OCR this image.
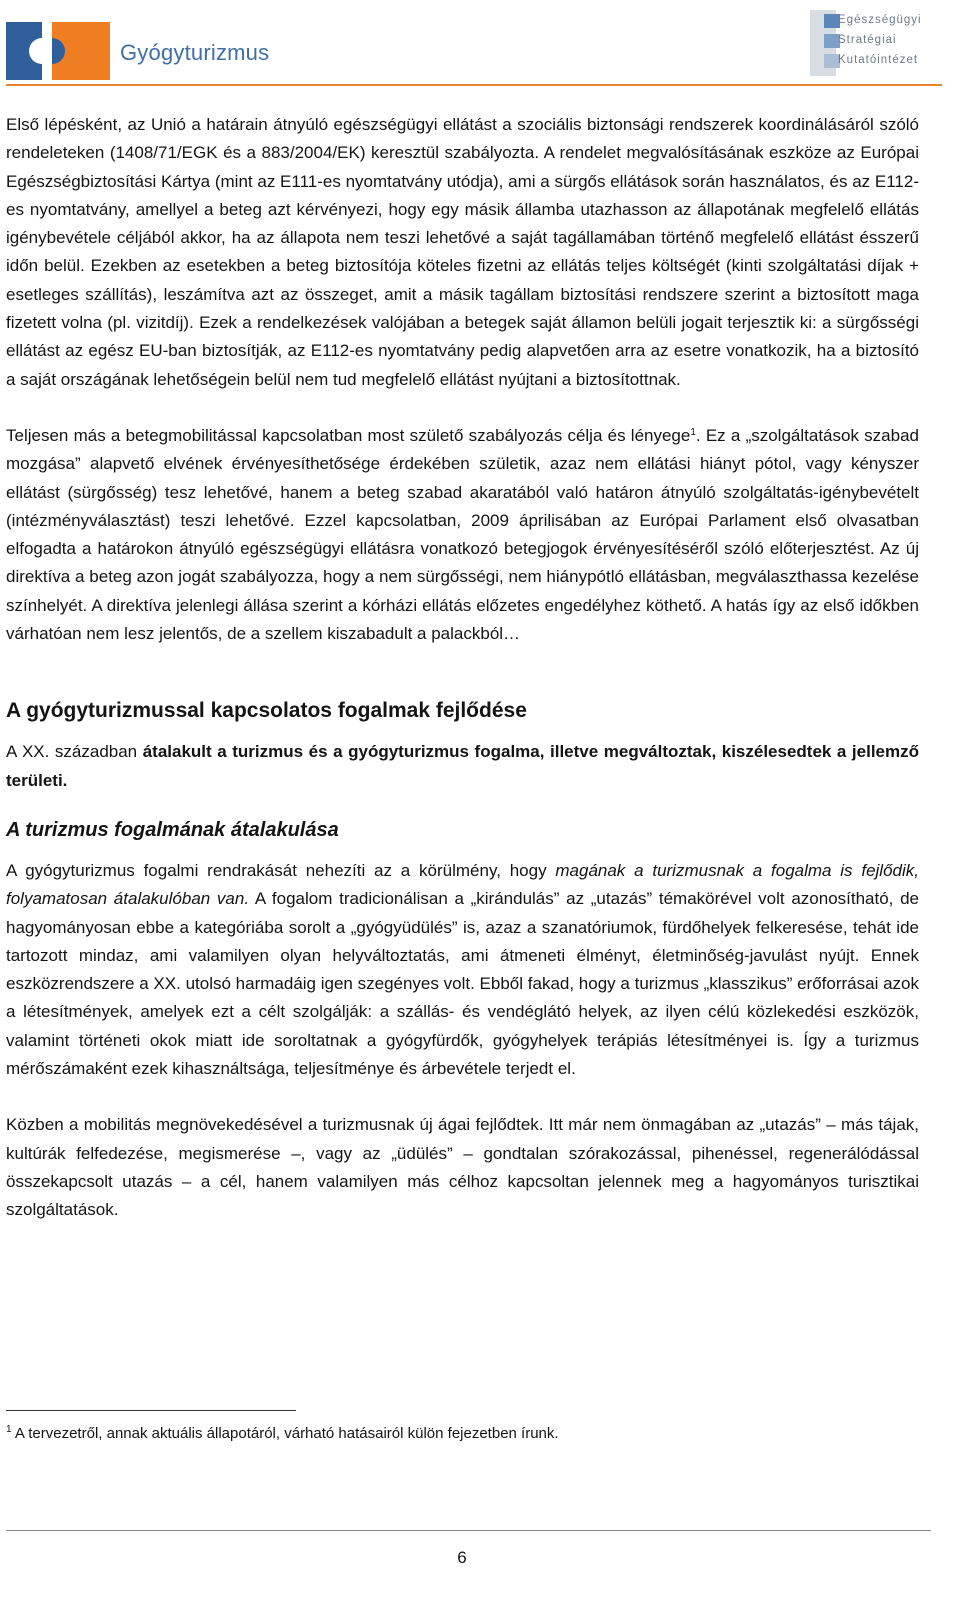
Gyógyturizmus
Egészségügyi
Stratégiai
Kutatóintézet

Első lépésként, az Unió a határain átnyúló egészségügyi ellátást a szociális biztonsági rendszerek koordinálásáról szóló rendeleteken (1408/71/EGK és a 883/2004/EK) keresztül szabályozta. A rendelet megvalósításának eszköze az Európai Egészségbiztosítási Kártya (mint az E111-es nyomtatvány utódja), ami a sürgős ellátások során használatos, és az E112-es nyomtatvány, amellyel a beteg azt kérvényezi, hogy egy másik államba utazhasson az állapotának megfelelő ellátás igénybevétele céljából akkor, ha az állapota nem teszi lehetővé a saját tagállamában történő megfelelő ellátást ésszerű időn belül. Ezekben az esetekben a beteg biztosítója köteles fizetni az ellátás teljes költségét (kinti szolgáltatási díjak + esetleges szállítás), leszámítva azt az összeget, amit a másik tagállam biztosítási rendszere szerint a biztosított maga fizetett volna (pl. vizitdíj). Ezek a rendelkezések valójában a betegek saját államon belüli jogait terjesztik ki: a sürgősségi ellátást az egész EU-ban biztosítják, az E112-es nyomtatvány pedig alapvetően arra az esetre vonatkozik, ha a biztosító a saját országának lehetőségein belül nem tud megfelelő ellátást nyújtani a biztosítottnak.

Teljesen más a betegmobilitással kapcsolatban most születő szabályozás célja és lényege$^1$. Ez a „szolgáltatások szabad mozgása” alapvető elvének érvényesíthetősége érdekében születik, azaz nem ellátási hiányt pótol, vagy kényszer ellátást (sürgősség) tesz lehetővé, hanem a beteg szabad akaratából való határon átnyúló szolgáltatás-igénybevételt (intézményválasztást) teszi lehetővé. Ezzel kapcsolatban, 2009 áprilisában az Európai Parlament első olvasatban elfogadta a határokon átnyúló egészségügyi ellátásra vonatkozó betegjogok érvényesítéséről szóló előterjesztést. Az új direktíva a beteg azon jogát szabályozza, hogy a nem sürgősségi, nem hiánypótló ellátásban, megválaszthassa kezelése színhelyét. A direktíva jelenlegi állása szerint a kórházi ellátás előzetes engedélyhez köthető. A hatás így az első időkben várhatóan nem lesz jelentős, de a szellem kiszabadult a palackból…

A gyógyturizmussal kapcsolatos fogalmak fejlődése

A XX. században átalakult a turizmus és a gyógyturizmus fogalma, illetve megváltoztak, kiszélesedtek a jellemző területi.

A turizmus fogalmának átalakulása

A gyógyturizmus fogalmi rendrakását nehezíti az a körülmény, hogy magának a turizmusnak a fogalma is fejlődik, folyamatosan átalakulóban van. A fogalom tradicionálisan a „kirándulás” az „utazás” témakörével volt azonosítható, de hagyományosan ebbe a kategóriába sorolt a „gyógyüdülés” is, azaz a szanatóriumok, fürdőhelyek felkeresése, tehát ide tartozott mindaz, ami valamilyen olyan helyváltoztatás, ami átmeneti élményt, életminőség-javulást nyújt. Ennek eszközrendszere a XX. utolsó harmadáig igen szegényes volt. Ebből fakad, hogy a turizmus „klasszikus” erőforrásai azok a létesítmények, amelyek ezt a célt szolgálják: a szállás- és vendéglátó helyek, az ilyen célú közlekedési eszközök, valamint történeti okok miatt ide soroltatnak a gyógyfürdők, gyógyhelyek terápiás létesítményei is. Így a turizmus mérőszámaként ezek kihasználtsága, teljesítménye és árbevétele terjedt el.

Közben a mobilitás megnövekedésével a turizmusnak új ágai fejlődtek. Itt már nem önmagában az „utazás” – más tájak, kultúrák felfedezése, megismerése –, vagy az „üdülés” – gondtalan szórakozással, pihenéssel, regenerálódással összekapcsolt utazás – a cél, hanem valamilyen más célhoz kapcsoltan jelennek meg a hagyományos turisztikai szolgáltatások.

$^1$ A tervezetről, annak aktuális állapotáról, várható hatásairól külön fejezetben írunk.
6
